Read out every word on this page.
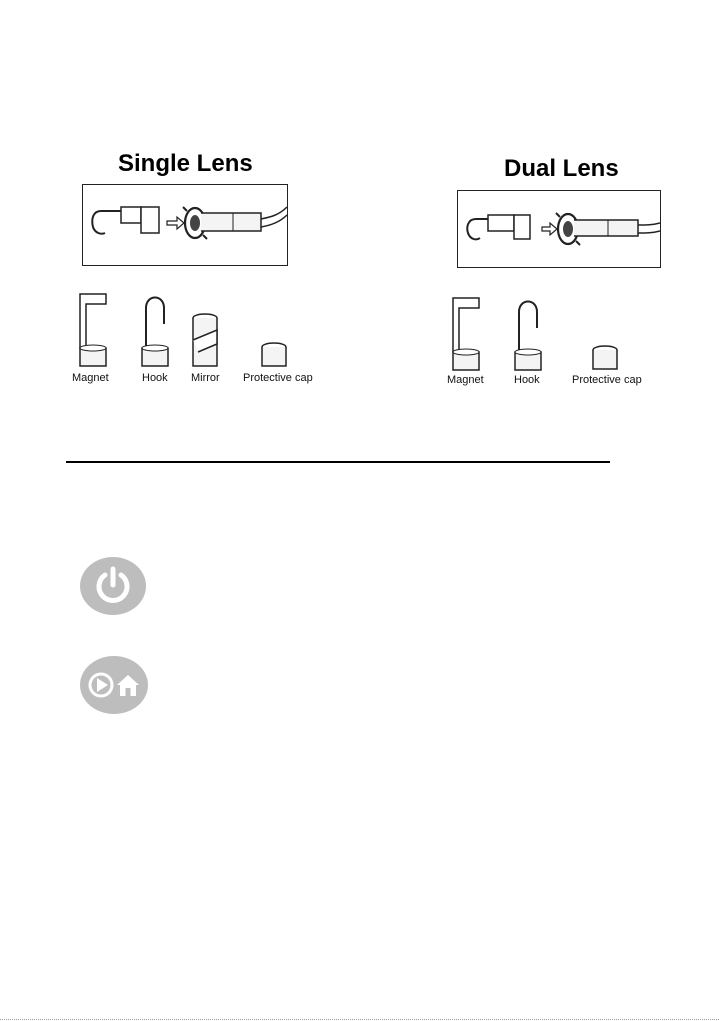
Single Lens
Magnet	Hook Mirror Protective cap
Dual Lens
Magnet	Hook	Protective cap
